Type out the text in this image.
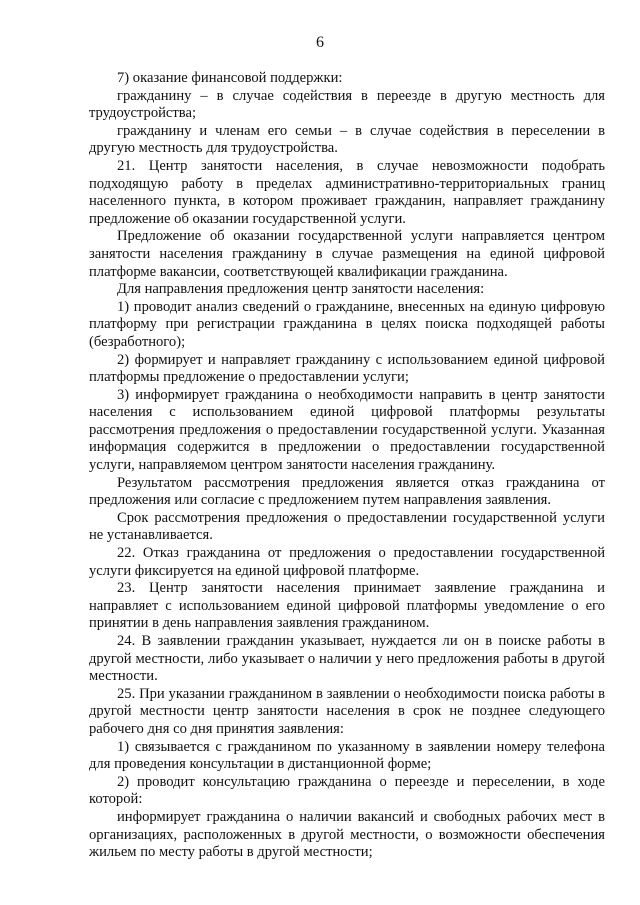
6

7) оказание финансовой поддержки:

гражданину – в случае содействия в переезде в другую местность для трудоустройства;

гражданину и членам его семьи – в случае содействия в переселении в другую местность для трудоустройства.

21. Центр занятости населения, в случае невозможности подобрать подходящую работу в пределах административно-территориальных границ населенного пункта, в котором проживает гражданин, направляет гражданину предложение об оказании государственной услуги.

Предложение об оказании государственной услуги направляется центром занятости населения гражданину в случае размещения на единой цифровой платформе вакансии, соответствующей квалификации гражданина.

Для направления предложения центр занятости населения:

1) проводит анализ сведений о гражданине, внесенных на единую цифровую платформу при регистрации гражданина в целях поиска подходящей работы (безработного);

2) формирует и направляет гражданину с использованием единой цифровой платформы предложение о предоставлении услуги;

3) информирует гражданина о необходимости направить в центр занятости населения с использованием единой цифровой платформы результаты рассмотрения предложения о предоставлении государственной услуги. Указанная информация содержится в предложении о предоставлении государственной услуги, направляемом центром занятости населения гражданину.

Результатом рассмотрения предложения является отказ гражданина от предложения или согласие с предложением путем направления заявления.

Срок рассмотрения предложения о предоставлении государственной услуги не устанавливается.

22. Отказ гражданина от предложения о предоставлении государственной услуги фиксируется на единой цифровой платформе.

23. Центр занятости населения принимает заявление гражданина и направляет с использованием единой цифровой платформы уведомление о его принятии в день направления заявления гражданином.

24. В заявлении гражданин указывает, нуждается ли он в поиске работы в другой местности, либо указывает о наличии у него предложения работы в другой местности.

25. При указании гражданином в заявлении о необходимости поиска работы в другой местности центр занятости населения в срок не позднее следующего рабочего дня со дня принятия заявления:

1) связывается с гражданином по указанному в заявлении номеру телефона для проведения консультации в дистанционной форме;

2) проводит консультацию гражданина о переезде и переселении, в ходе которой:

информирует гражданина о наличии вакансий и свободных рабочих мест в организациях, расположенных в другой местности, о возможности обеспечения жильем по месту работы в другой местности;
